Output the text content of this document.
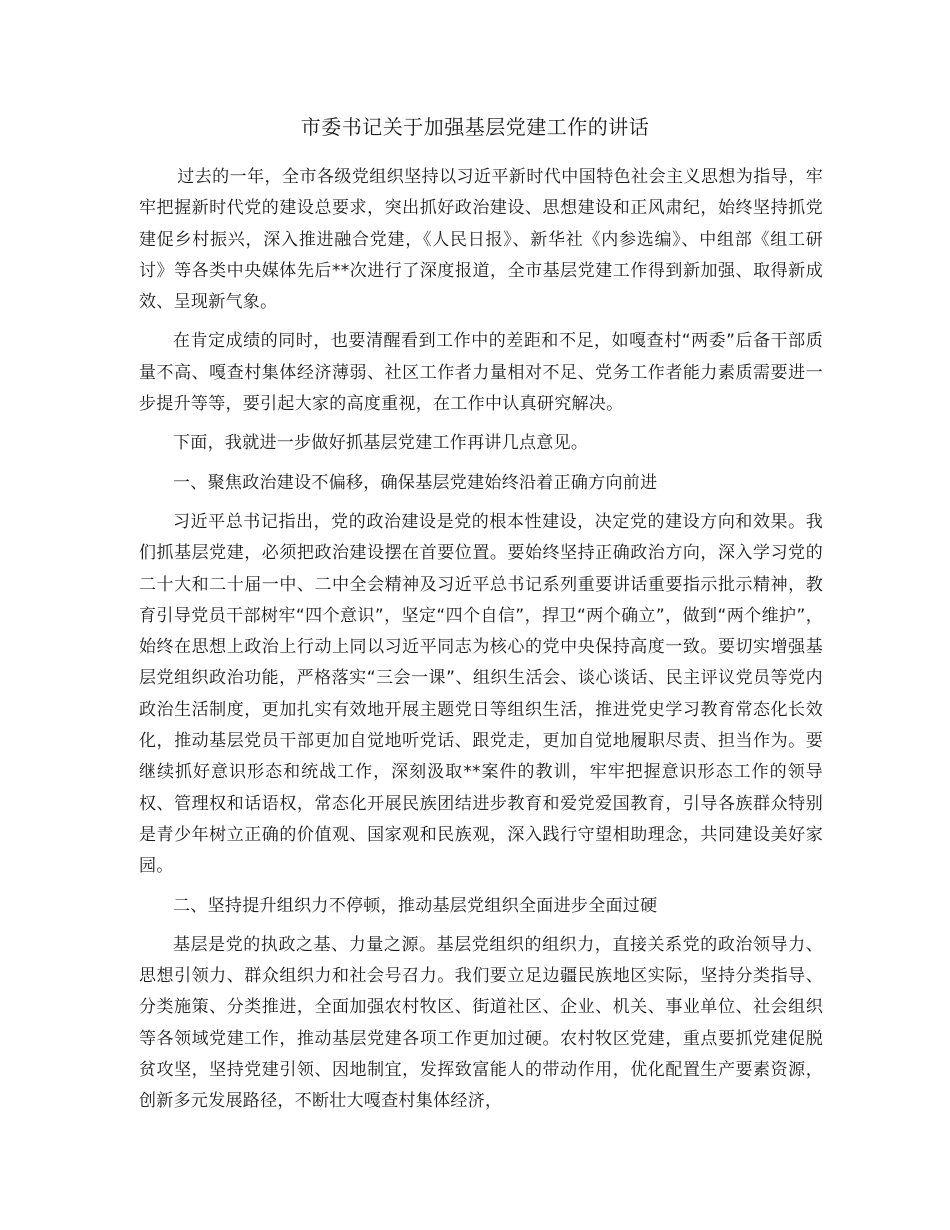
市委书记关于加强基层党建工作的讲话

过去的一年，全市各级党组织坚持以习近平新时代中国特色社会主义思想为指导，牢牢把握新时代党的建设总要求，突出抓好政治建设、思想建设和正风肃纪，始终坚持抓党建促乡村振兴，深入推进融合党建，《人民日报》、新华社《内参选编》、中组部《组工研讨》等各类中央媒体先后**次进行了深度报道，全市基层党建工作得到新加强、取得新成效、呈现新气象。

在肯定成绩的同时，也要清醒看到工作中的差距和不足，如嘎查村“两委”后备干部质量不高、嘎查村集体经济薄弱、社区工作者力量相对不足、党务工作者能力素质需要进一步提升等等，要引起大家的高度重视，在工作中认真研究解决。

下面，我就进一步做好抓基层党建工作再讲几点意见。

一、聚焦政治建设不偏移，确保基层党建始终沿着正确方向前进

习近平总书记指出，党的政治建设是党的根本性建设，决定党的建设方向和效果。我们抓基层党建，必须把政治建设摆在首要位置。要始终坚持正确政治方向，深入学习党的二十大和二十届一中、二中全会精神及习近平总书记系列重要讲话重要指示批示精神，教育引导党员干部树牢“四个意识”，坚定“四个自信”，捍卫“两个确立”，做到“两个维护”， 始终在思想上政治上行动上同以习近平同志为核心的党中央保持高度一致。要切实增强基层党组织政治功能，严格落实“三会一课”、组织生活会、谈心谈话、民主评议党员等党内政治生活制度，更加扎实有效地开展主题党日等组织生活，推进党史学习教育常态化长效化，推动基层党员干部更加自觉地听党话、跟党走，更加自觉地履职尽责、担当作为。要继续抓好意识形态和统战工作，深刻汲取**案件的教训，牢牢把握意识形态工作的领导权、管理权和话语权，常态化开展民族团结进步教育和爱党爱国教育，引导各族群众特别是青少年树立正确的价值观、国家观和民族观，深入践行守望相助理念，共同建设美好家园。

二、坚持提升组织力不停顿，推动基层党组织全面进步全面过硬

基层是党的执政之基、力量之源。基层党组织的组织力，直接关系党的政治领导力、思想引领力、群众组织力和社会号召力。我们要立足边疆民族地区实际，坚持分类指导、分类施策、分类推进，全面加强农村牧区、街道社区、企业、机关、事业单位、社会组织等各领域党建工作，推动基层党建各项工作更加过硬。农村牧区党建，重点要抓党建促脱贫攻坚，坚持党建引领、因地制宜，发挥致富能人的带动作用，优化配置生产要素资源，创新多元发展路径，不断壮大嘎查村集体经济，
